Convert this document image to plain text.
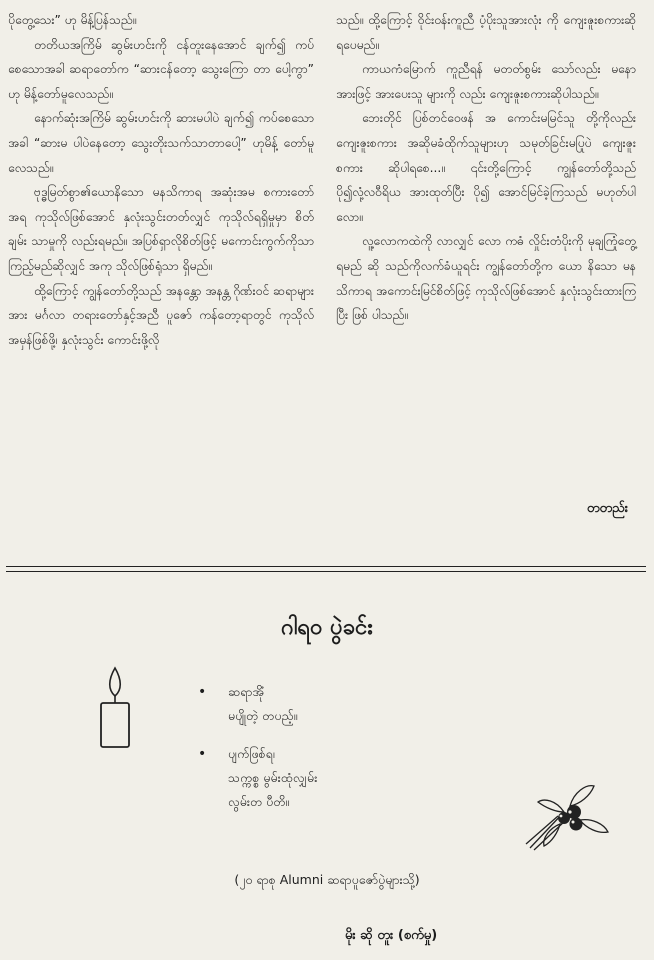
ပိုတွေ့သေး” ဟု မိန့်ပြန်သည်။

တတိယအကြိမ် ဆွမ်းဟင်းကို ငန်တူးနေအောင် ချက်၍ ကပ်စေသောအခါ ဆရာတော်က “ဆားငန်တော့ သွေးကြော တာ ပေါ့ကွာ” ဟု မိန့်တော်မူလေသည်။

နောက်ဆုံးအကြိမ် ဆွမ်းဟင်းကို ဆားမပါပဲ ချက်၍ ကပ်စေသောအခါ “ဆားမ ပါပဲနေတော့ သွေးတိုးသက်သာတာပေါ့” ဟုမိန့် တော်မူလေသည်။

ဗုဒ္ဓမြတ်စွာ၏ယောနိသော မနသိကာရ အဆုံးအမ စကားတော်အရ ကုသိုလ်ဖြစ်အောင် နှလုံးသွင်းတတ်လျှင် ကုသိုလ်ရရှိမှုမှာ စိတ်ချမ်း သာမှုကို လည်းရမည်။ အပြစ်ရှာလိုစိတ်ဖြင့် မကောင်းကွက်ကိုသာ ကြည့်မည်ဆိုလျှင် အကု သိုလ်ဖြစ်ရုံသာ ရှိမည်။

ထို့ကြောင့် ကျွန်တော်တို့သည် အနန္တော အနန္တ ဂိုဏ်းဝင် ဆရာများအား မင်္ဂလာ တရားတော်နှင့်အညီ ပူဇော် ကန်တော့ရာတွင် ကုသိုလ်အမှန်ဖြစ်ဖို့၊ နှလုံးသွင်း ကောင်းဖို့လို

သည်။ ထို့ကြောင့် ဝိုင်းဝန်းကူညီ ပံ့ပိုးသူအားလုံး ကို ကျေးဇူးစကားဆိုရပေမည်။

ကာယကံမြောက် ကူညီရန် မတတ်စွမ်း သော်လည်း မနောအားဖြင့် အားပေးသူ များကို လည်း ကျေးဇူးစကားဆိုပါသည်။

ဘေးတိုင် ပြစ်တင်ဝေဖန် အ ကောင်းမမြင်သူ တို့ကိုလည်း ကျေးဇူးစကား အဆိုမခံထိုက်သူများဟု သမုတ်ခြင်းမပြုပဲ ကျေးဇူးစကား ဆိုပါရစေ...။ ၎င်းတို့ကြောင့် ကျွန်တော်တို့သည် ပို၍လုံ့လဝီရိယ အားထုတ်ပြီး ပို၍ အောင်မြင်ခဲ့ကြသည် မဟုတ်ပါလော။

လူ့လောကထဲကို လာလျှင် လော ကဓံ လှိုင်းတံပိုးကို မုချကြုံတွေ့ရမည် ဆို သည်ကိုလက်ခံယူရင်း ကျွန်တော်တို့က ယော နိသော မနသိကာရ အကောင်းမြင်စိတ်ဖြင့် ကုသိုလ်ဖြစ်အောင် နှလုံးသွင်းထားကြပြီး ဖြစ် ပါသည်။

တတည်း
ဂါရဝ ပွဲခင်း
• ဆရာအိုံ
မပျိုတဲ့ တပည့်။
• ပျက်ဖြစ်ရ၊
သက္ကစ္စ မွမ်းထုံလျှမ်း
လွမ်းတ ပီတိ။
(၂၀ ရာစု Alumni ဆရာပူဇော်ပွဲများသို့)
မိုး ဆို တူး (စက်မှု)
